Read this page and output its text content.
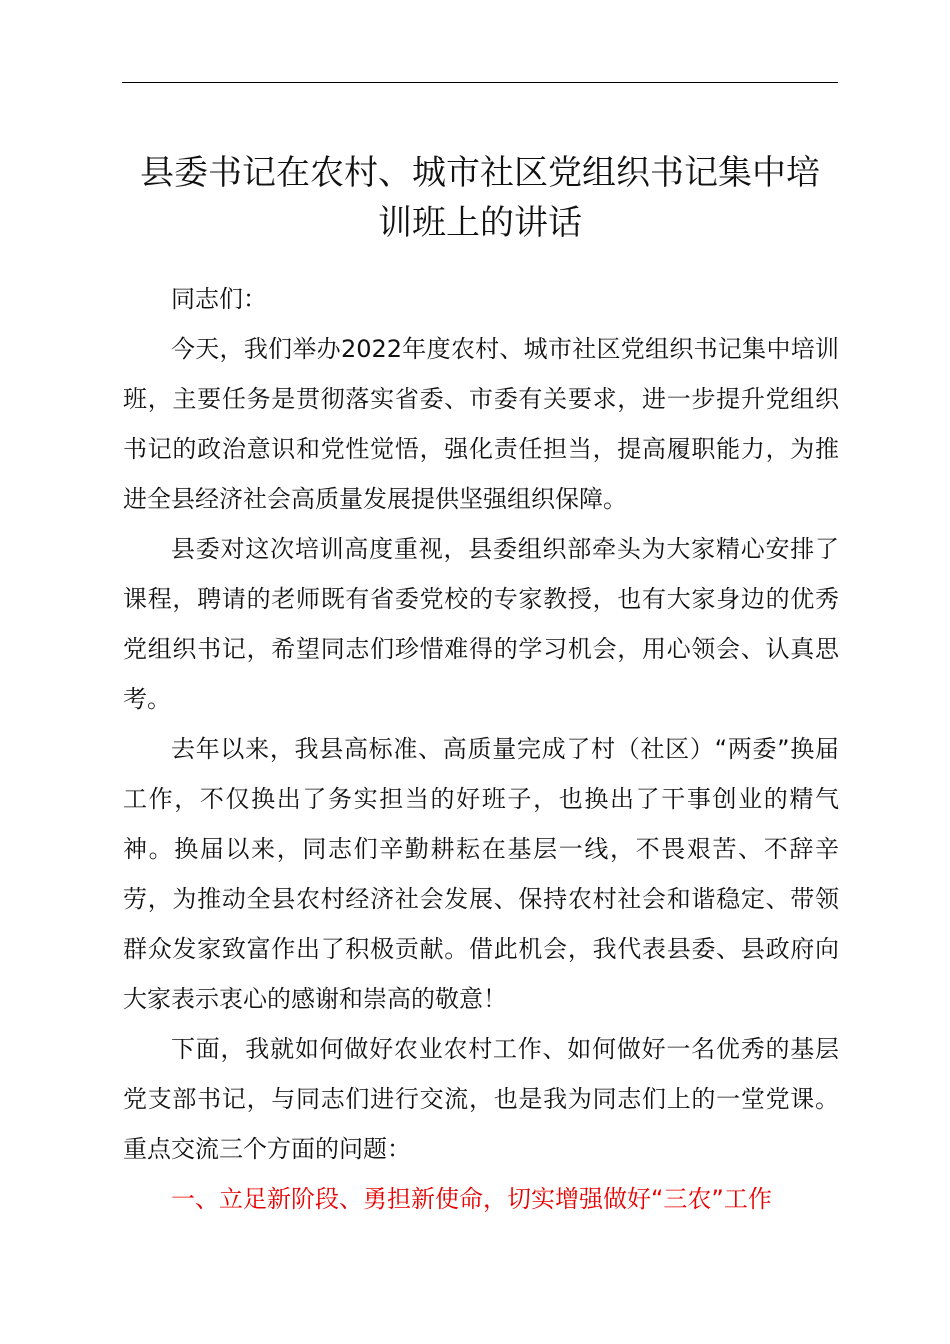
县委书记在农村、城市社区党组织书记集中培
训班上的讲话

同志们：

今天，我们举办2022年度农村、城市社区党组织书记集中培训班，主要任务是贯彻落实省委、市委有关要求，进一步提升党组织书记的政治意识和党性觉悟，强化责任担当，提高履职能力，为推进全县经济社会高质量发展提供坚强组织保障。

县委对这次培训高度重视，县委组织部牵头为大家精心安排了课程，聘请的老师既有省委党校的专家教授，也有大家身边的优秀党组织书记，希望同志们珍惜难得的学习机会，用心领会、认真思考。

去年以来，我县高标准、高质量完成了村（社区）“两委”换届工作，不仅换出了务实担当的好班子，也换出了干事创业的精气神。换届以来，同志们辛勤耕耘在基层一线，不畏艰苦、不辞辛劳，为推动全县农村经济社会发展、保持农村社会和谐稳定、带领群众发家致富作出了积极贡献。借此机会，我代表县委、县政府向大家表示衷心的感谢和崇高的敬意！

下面，我就如何做好农业农村工作、如何做好一名优秀的基层党支部书记，与同志们进行交流，也是我为同志们上的一堂党课。重点交流三个方面的问题：

一、立足新阶段、勇担新使命，切实增强做好“三农”工作
